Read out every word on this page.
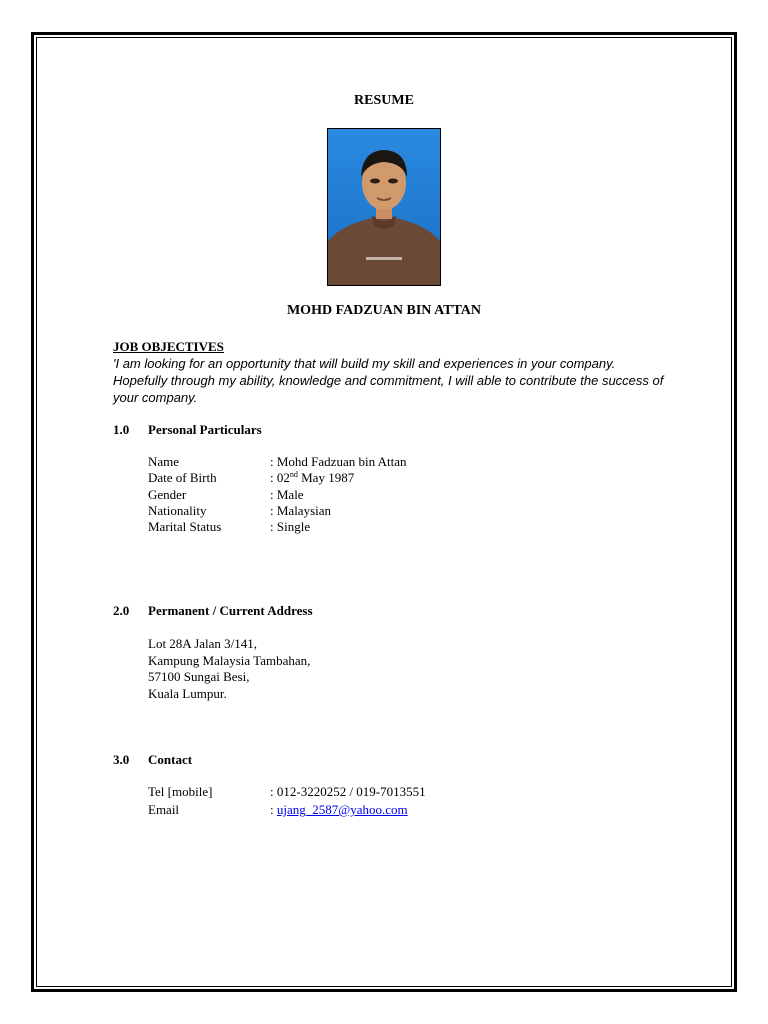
RESUME
MOHD FADZUAN BIN ATTAN
JOB OBJECTIVES
'I am looking for an opportunity that will build my skill and experiences in your company. Hopefully through my ability, knowledge and commitment, I will able to contribute the success of your company.
1.0 Personal Particulars
Name	: Mohd Fadzuan bin Attan
Date of Birth	: 02nd May 1987
Gender	: Male
Nationality	: Malaysian
Marital Status	: Single
2.0 Permanent / Current Address
Lot 28A Jalan 3/141,
Kampung Malaysia Tambahan,
57100 Sungai Besi,
Kuala Lumpur.
3.0 Contact
Tel [mobile]	: 012-3220252 / 019-7013551
Email	: ujang_2587@yahoo.com
